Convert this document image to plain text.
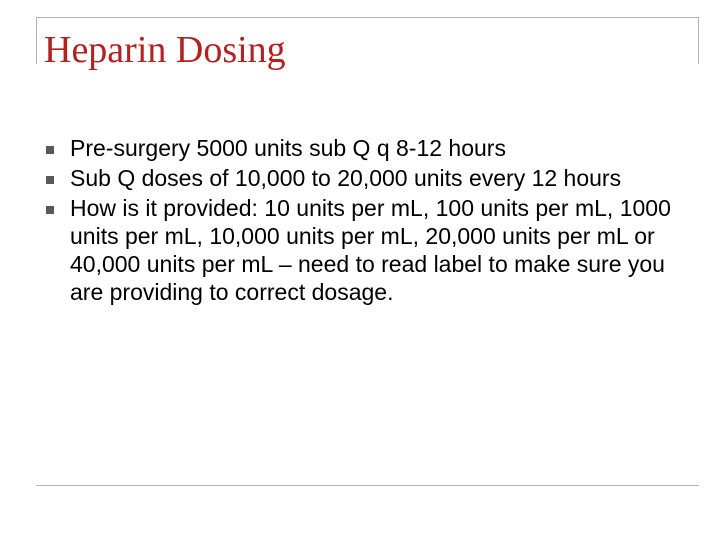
Heparin Dosing
Pre-surgery 5000 units sub Q q 8-12 hours
Sub Q doses of 10,000 to 20,000 units every 12 hours
How is it provided: 10 units per mL, 100 units per mL, 1000 units per mL, 10,000 units per mL, 20,000 units per mL or 40,000 units per mL – need to read label to make sure you are providing to correct dosage.
